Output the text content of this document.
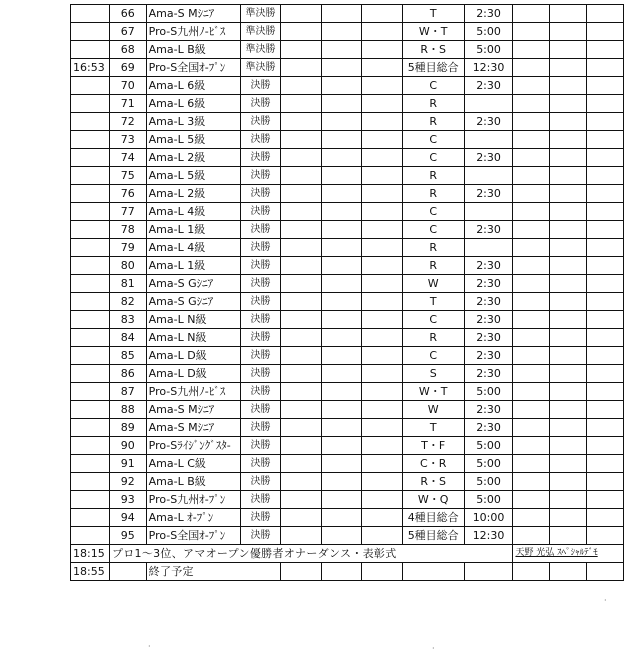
	66	Ama-S Mｼﾆｱ	準決勝				T	2:30			
	67	Pro-S九州ﾉ-ﾋﾞｽ	準決勝				W・T	5:00			
	68	Ama-L B級	準決勝				R・S	5:00			
16:53	69	Pro-S全国ｵ-ﾌﾟﾝ	準決勝				5種目総合	12:30			
	70	Ama-L 6級	決勝				C	2:30			
	71	Ama-L 6級	決勝				R				
	72	Ama-L 3級	決勝				R	2:30			
	73	Ama-L 5級	決勝				C				
	74	Ama-L 2級	決勝				C	2:30			
	75	Ama-L 5級	決勝				R				
	76	Ama-L 2級	決勝				R	2:30			
	77	Ama-L 4級	決勝				C				
	78	Ama-L 1級	決勝				C	2:30			
	79	Ama-L 4級	決勝				R				
	80	Ama-L 1級	決勝				R	2:30			
	81	Ama-S Gｼﾆｱ	決勝				W	2:30			
	82	Ama-S Gｼﾆｱ	決勝				T	2:30			
	83	Ama-L N級	決勝				C	2:30			
	84	Ama-L N級	決勝				R	2:30			
	85	Ama-L D級	決勝				C	2:30			
	86	Ama-L D級	決勝				S	2:30			
	87	Pro-S九州ﾉ-ﾋﾞｽ	決勝				W・T	5:00			
	88	Ama-S Mｼﾆｱ	決勝				W	2:30			
	89	Ama-S Mｼﾆｱ	決勝				T	2:30			
	90	Pro-Sﾗｲｼﾞﾝｸﾞｽﾀ-	決勝				T・F	5:00			
	91	Ama-L C級	決勝				C・R	5:00			
	92	Ama-L B級	決勝				R・S	5:00			
	93	Pro-S九州ｵ-ﾌﾟﾝ	決勝				W・Q	5:00			
	94	Ama-L ｵ-ﾌﾟﾝ	決勝				4種目総合	10:00			
	95	Pro-S全国ｵ-ﾌﾟﾝ	決勝				5種目総合	12:30			
18:15	プロ1～3位、アマオープン優勝者オナーダンス・表彰式								天野 光弘 ｽﾍﾟｼｬﾙﾃﾞﾓ		
18:55		終了予定									
·
·
·
